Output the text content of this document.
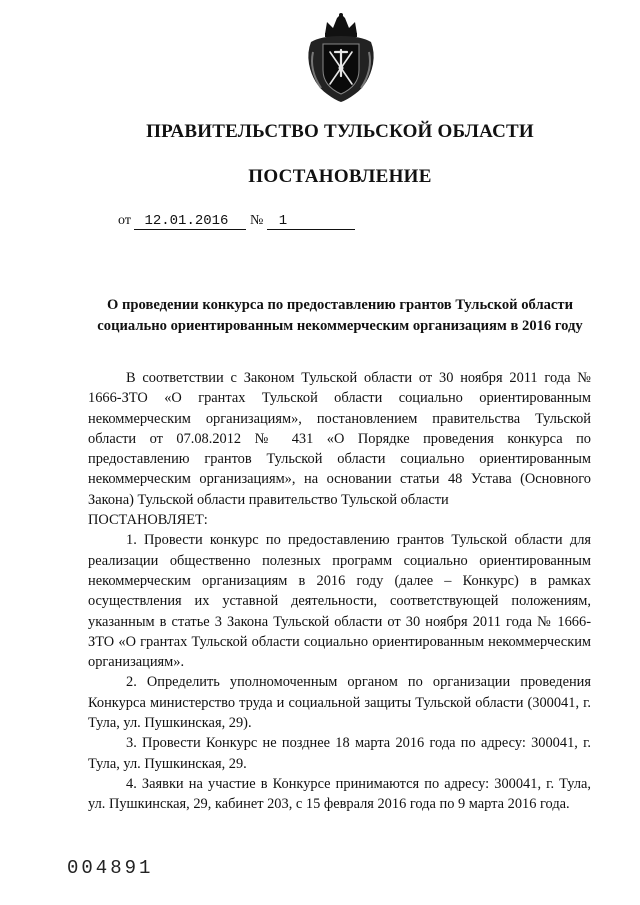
ПРАВИТЕЛЬСТВО ТУЛЬСКОЙ ОБЛАСТИ
ПОСТАНОВЛЕНИЕ
от 12.01.2016 № 1
О проведении конкурса по предоставлению грантов Тульской области
социально ориентированным некоммерческим организациям в 2016 году

В соответствии с Законом Тульской области от 30 ноября 2011 года № 1666-ЗТО «О грантах Тульской области социально ориентированным некоммерческим организациям», постановлением правительства Тульской области от 07.08.2012 № 431 «О Порядке проведения конкурса по предоставлению грантов Тульской области социально ориентированным некоммерческим организациям», на основании статьи 48 Устава (Основного Закона) Тульской области правительство Тульской области

ПОСТАНОВЛЯЕТ:

1. Провести конкурс по предоставлению грантов Тульской области для реализации общественно полезных программ социально ориентированным некоммерческим организациям в 2016 году (далее – Конкурс) в рамках осуществления их уставной деятельности, соответствующей положениям, указанным в статье 3 Закона Тульской области от 30 ноября 2011 года № 1666-ЗТО «О грантах Тульской области социально ориентированным некоммерческим организациям».

2. Определить уполномоченным органом по организации проведения Конкурса министерство труда и социальной защиты Тульской области (300041, г. Тула, ул. Пушкинская, 29).

3. Провести Конкурс не позднее 18 марта 2016 года по адресу: 300041, г. Тула, ул. Пушкинская, 29.

4. Заявки на участие в Конкурсе принимаются по адресу: 300041, г. Тула, ул. Пушкинская, 29, кабинет 203, с 15 февраля 2016 года по 9 марта 2016 года.

004891
